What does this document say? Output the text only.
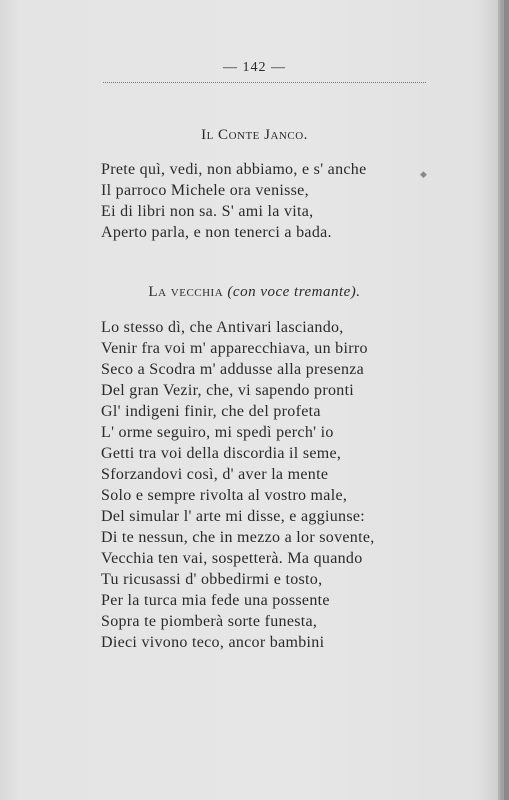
— 142 —
Il Conte Janco.
Prete quì, vedi, non abbiamo, e s' anche
Il parroco Michele ora venisse,
Ei di libri non sa. S' ami la vita,
Aperto parla, e non tenerci a bada.
◆
La vecchia (con voce tremante).
Lo stesso dì, che Antivari lasciando,
Venir fra voi m' apparecchiava, un birro
Seco a Scodra m' addusse alla presenza
Del gran Vezir, che, vi sapendo pronti
Gl' indigeni finir, che del profeta
L' orme seguiro, mi spedì perch' io
Getti tra voi della discordia il seme,
Sforzandovi così, d' aver la mente
Solo e sempre rivolta al vostro male,
Del simular l' arte mi disse, e aggiunse:
Di te nessun, che in mezzo a lor sovente,
Vecchia ten vai, sospetterà. Ma quando
Tu ricusassi d' obbedirmi e tosto,
Per la turca mia fede una possente
Sopra te piomberà sorte funesta,
Dieci vivono teco, ancor bambini
